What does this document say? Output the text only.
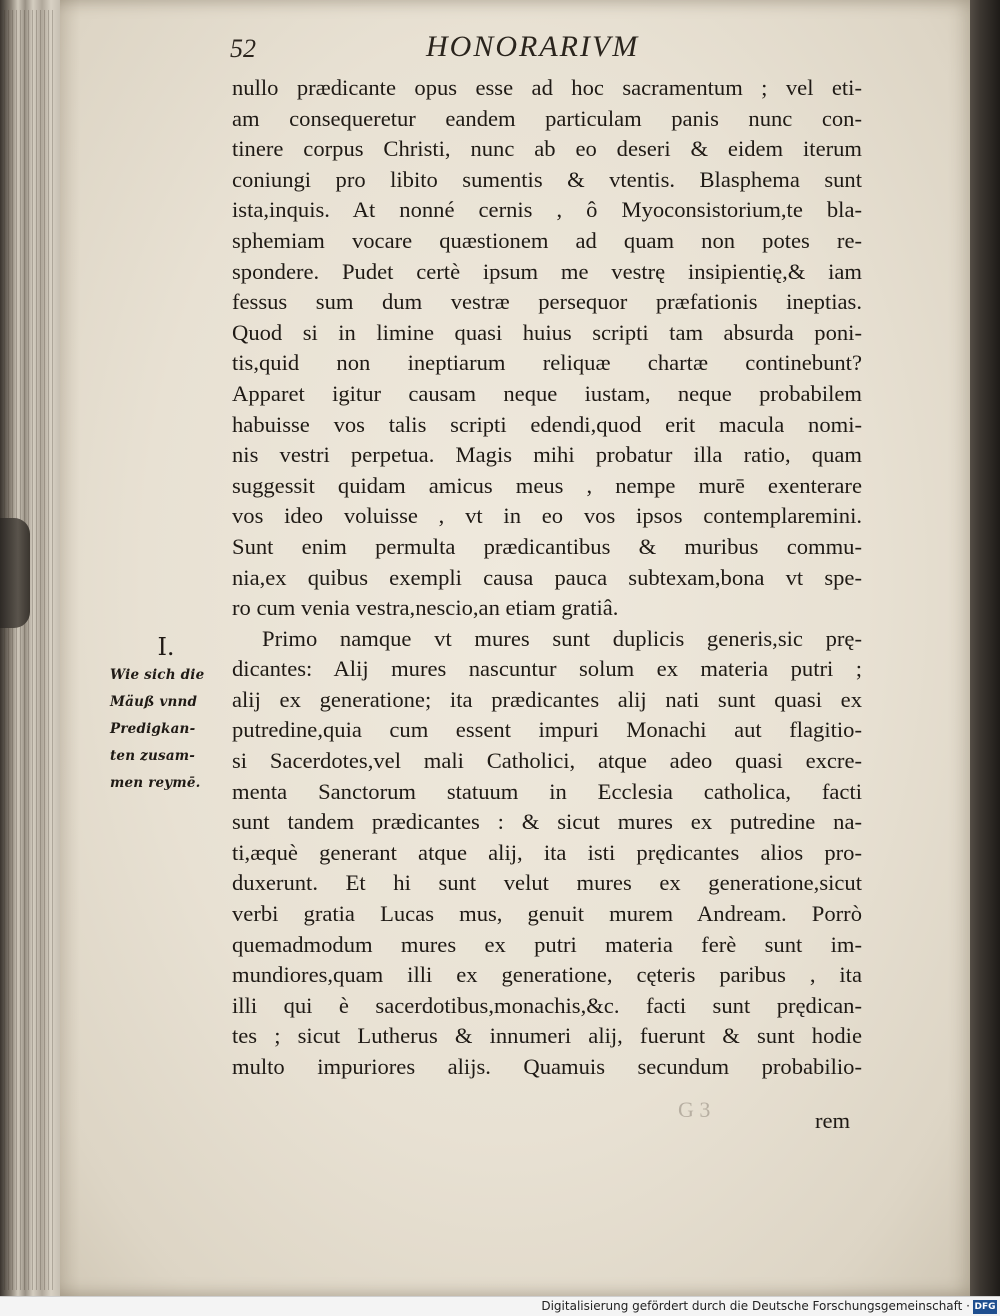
52	HONORARIVM
nullo prædicante opus esse ad hoc sacramentum ; vel eti-
am consequeretur eandem particulam panis nunc con-
tinere corpus Christi, nunc ab eo deseri & eidem iterum
coniungi pro libito sumentis & vtentis. Blasphema sunt
ista,inquis. At nonné cernis , ô Myoconsistorium,te bla-
sphemiam vocare quæstionem ad quam non potes re-
spondere. Pudet certè ipsum me vestrę insipientię,& iam
fessus sum dum vestræ persequor præfationis ineptias.
Quod si in limine quasi huius scripti tam absurda poni-
tis,quid non ineptiarum reliquæ chartæ continebunt?
Apparet igitur causam neque iustam, neque probabilem
habuisse vos talis scripti edendi,quod erit macula nomi-
nis vestri perpetua. Magis mihi probatur illa ratio, quam
suggessit quidam amicus meus , nempe murē exenterare
vos ideo voluisse , vt in eo vos ipsos contemplaremini.
Sunt enim permulta prædicantibus & muribus commu-
nia,ex quibus exempli causa pauca subtexam,bona vt spe-
ro cum venia vestra,nescio,an etiam gratiâ.
Primo namque vt mures sunt duplicis generis,sic prę-
dicantes: Alij mures nascuntur solum ex materia putri ;
alij ex generatione; ita prædicantes alij nati sunt quasi ex
putredine,quia cum essent impuri Monachi aut flagitio-
si Sacerdotes,vel mali Catholici, atque adeo quasi excre-
menta Sanctorum statuum in Ecclesia catholica, facti
sunt tandem prædicantes : & sicut mures ex putredine na-
ti,æquè generant atque alij, ita isti prędicantes alios pro-
duxerunt. Et hi sunt velut mures ex generatione,sicut
verbi gratia Lucas mus, genuit murem Andream. Porrò
quemadmodum mures ex putri materia ferè sunt im-
mundiores,quam illi ex generatione, cęteris paribus , ita
illi qui è sacerdotibus,monachis,&c. facti sunt prędican-
tes ; sicut Lutherus & innumeri alij, fuerunt & sunt hodie
multo impuriores alijs. Quamuis secundum probabilio-
I.
Wie sich die
Mäuß vnnd
Predigkan-
ten zusam-
men reymē.
G 3	rem
Digitalisierung gefördert durch die Deutsche Forschungsgemeinschaft · DFG
